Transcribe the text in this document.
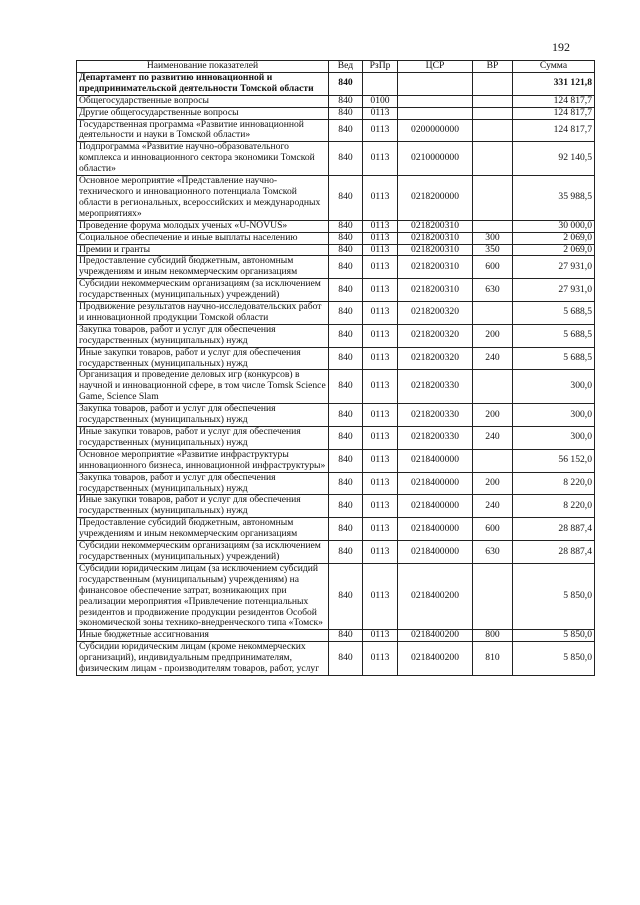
192
Наименование показателей	Вед	РзПр	ЦСР	ВР	Сумма
Департамент по развитию инновационной и предпринимательской деятельности Томской области	840				331 121,8
Общегосударственные вопросы	840	0100			124 817,7
Другие общегосударственные вопросы	840	0113			124 817,7
Государственная программа «Развитие инновационной деятельности и науки в Томской области»	840	0113	0200000000		124 817,7
Подпрограмма «Развитие научно-образовательного комплекса и инновационного сектора экономики Томской области»	840	0113	0210000000		92 140,5
Основное мероприятие «Представление научно-технического и инновационного потенциала Томской области в региональных, всероссийских и международных мероприятиях»	840	0113	0218200000		35 988,5
Проведение форума молодых ученых «U-NOVUS»	840	0113	0218200310		30 000,0
Социальное обеспечение и иные выплаты населению	840	0113	0218200310	300	2 069,0
Премии и гранты	840	0113	0218200310	350	2 069,0
Предоставление субсидий бюджетным, автономным учреждениям и иным некоммерческим организациям	840	0113	0218200310	600	27 931,0
Субсидии некоммерческим организациям (за исключением государственных (муниципальных) учреждений)	840	0113	0218200310	630	27 931,0
Продвижение результатов научно-исследовательских работ и инновационной продукции Томской области	840	0113	0218200320		5 688,5
Закупка товаров, работ и услуг для обеспечения государственных (муниципальных) нужд	840	0113	0218200320	200	5 688,5
Иные закупки товаров, работ и услуг для обеспечения государственных (муниципальных) нужд	840	0113	0218200320	240	5 688,5
Организация и проведение деловых игр (конкурсов) в научной и инновационной сфере, в том числе Tomsk Science Game, Science Slam	840	0113	0218200330		300,0
Закупка товаров, работ и услуг для обеспечения государственных (муниципальных) нужд	840	0113	0218200330	200	300,0
Иные закупки товаров, работ и услуг для обеспечения государственных (муниципальных) нужд	840	0113	0218200330	240	300,0
Основное мероприятие «Развитие инфраструктуры инновационного бизнеса, инновационной инфраструктуры»	840	0113	0218400000		56 152,0
Закупка товаров, работ и услуг для обеспечения государственных (муниципальных) нужд	840	0113	0218400000	200	8 220,0
Иные закупки товаров, работ и услуг для обеспечения государственных (муниципальных) нужд	840	0113	0218400000	240	8 220,0
Предоставление субсидий бюджетным, автономным учреждениям и иным некоммерческим организациям	840	0113	0218400000	600	28 887,4
Субсидии некоммерческим организациям (за исключением государственных (муниципальных) учреждений)	840	0113	0218400000	630	28 887,4
Субсидии юридическим лицам (за исключением субсидий государственным (муниципальным) учреждениям) на финансовое обеспечение затрат, возникающих при реализации мероприятия «Привлечение потенциальных резидентов и продвижение продукции резидентов Особой экономической зоны технико-внедренческого типа «Томск»	840	0113	0218400200		5 850,0
Иные бюджетные ассигнования	840	0113	0218400200	800	5 850,0
Субсидии юридическим лицам (кроме некоммерческих организаций), индивидуальным предпринимателям, физическим лицам - производителям товаров, работ, услуг	840	0113	0218400200	810	5 850,0
